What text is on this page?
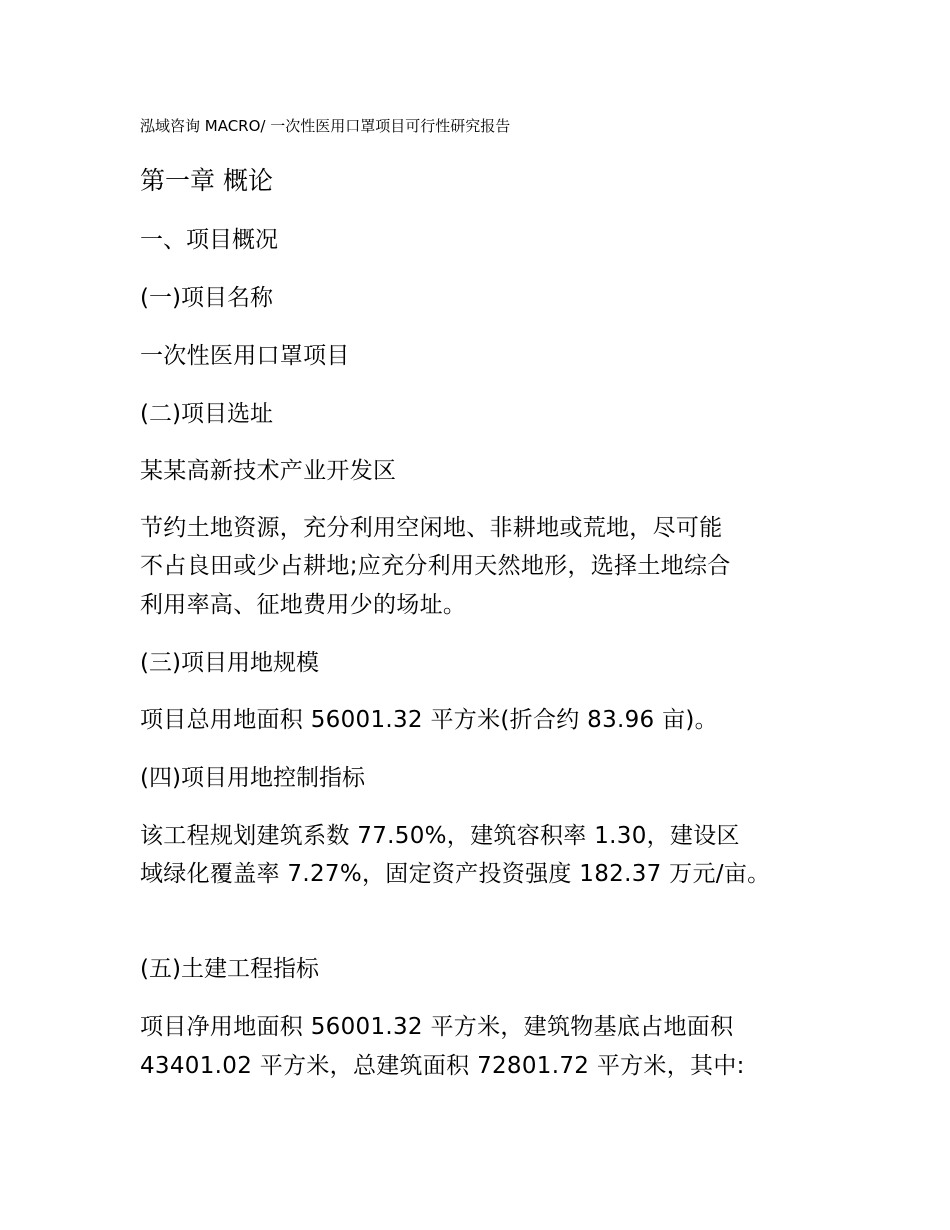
泓域咨询 MACRO/ 一次性医用口罩项目可行性研究报告
第一章 概论
一、项目概况
(一)项目名称
一次性医用口罩项目
(二)项目选址
某某高新技术产业开发区
节约土地资源，充分利用空闲地、非耕地或荒地，尽可能
不占良田或少占耕地;应充分利用天然地形，选择土地综合
利用率高、征地费用少的场址。
(三)项目用地规模
项目总用地面积 56001.32 平方米(折合约 83.96 亩)。
(四)项目用地控制指标
该工程规划建筑系数 77.50%，建筑容积率 1.30，建设区
域绿化覆盖率 7.27%，固定资产投资强度 182.37 万元/亩。
(五)土建工程指标
项目净用地面积 56001.32 平方米，建筑物基底占地面积
43401.02 平方米，总建筑面积 72801.72 平方米，其中:
